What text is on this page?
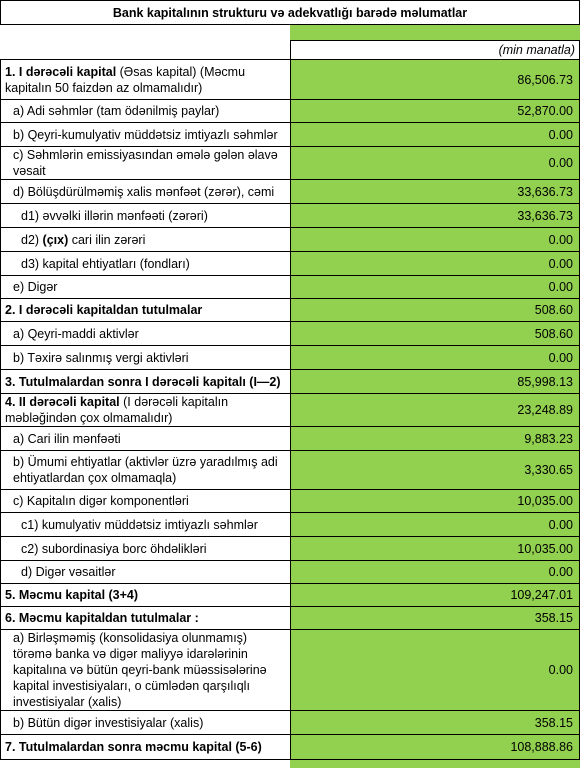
Bank kapitalının strukturu və adekvatlığı barədə məlumatlar	

	(min manatla)
1. I dərəcəli kapital (Əsas kapital) (Məcmu kapitalın 50 faizdən az olmamalıdır)	86,506.73
a) Adi səhmlər (tam ödənilmiş paylar)	52,870.00
b) Qeyri-kumulyativ müddətsiz imtiyazlı səhmlər	0.00
c) Səhmlərin emissiyasından əmələ gələn əlavə vəsait	0.00
d) Bölüşdürülməmiş xalis mənfəət (zərər), cəmi	33,636.73
d1) əvvəlki illərin mənfəəti (zərəri)	33,636.73
d2) (çıx) cari ilin zərəri	0.00
d3) kapital ehtiyatları (fondları)	0.00
e) Digər	0.00
2. I dərəcəli kapitaldan tutulmalar	508.60
a) Qeyri-maddi aktivlər	508.60
b) Təxirə salınmış vergi aktivləri	0.00
3. Tutulmalardan sonra I dərəcəli kapitalı (I—2)	85,998.13
4. II dərəcəli kapital (I dərəcəli kapitalın məbləğindən çox olmamalıdır)	23,248.89
a) Cari ilin mənfəəti	9,883.23
b) Ümumi ehtiyatlar (aktivlər üzrə yaradılmış adi ehtiyatlardan çox olmamaqla)	3,330.65
c) Kapitalın digər komponentləri	10,035.00
c1) kumulyativ müddətsiz imtiyazlı səhmlər	0.00
c2) subordinasiya borc öhdəlikləri	10,035.00
d) Digər vəsaitlər	0.00
5. Məcmu kapital (3+4)	109,247.01
6. Məcmu kapitaldan tutulmalar :	358.15
a) Birləşməmiş (konsolidasiya olunmamış) törəmə banka və digər maliyyə idarələrinin kapitalına və bütün qeyri-bank müəssisələrinə kapital investisiyaları, o cümlədən qarşılıqlı investisiyalar (xalis)	0.00
b) Bütün digər investisiyalar (xalis)	358.15
7. Tutulmalardan sonra məcmu kapital (5-6)	108,888.86
